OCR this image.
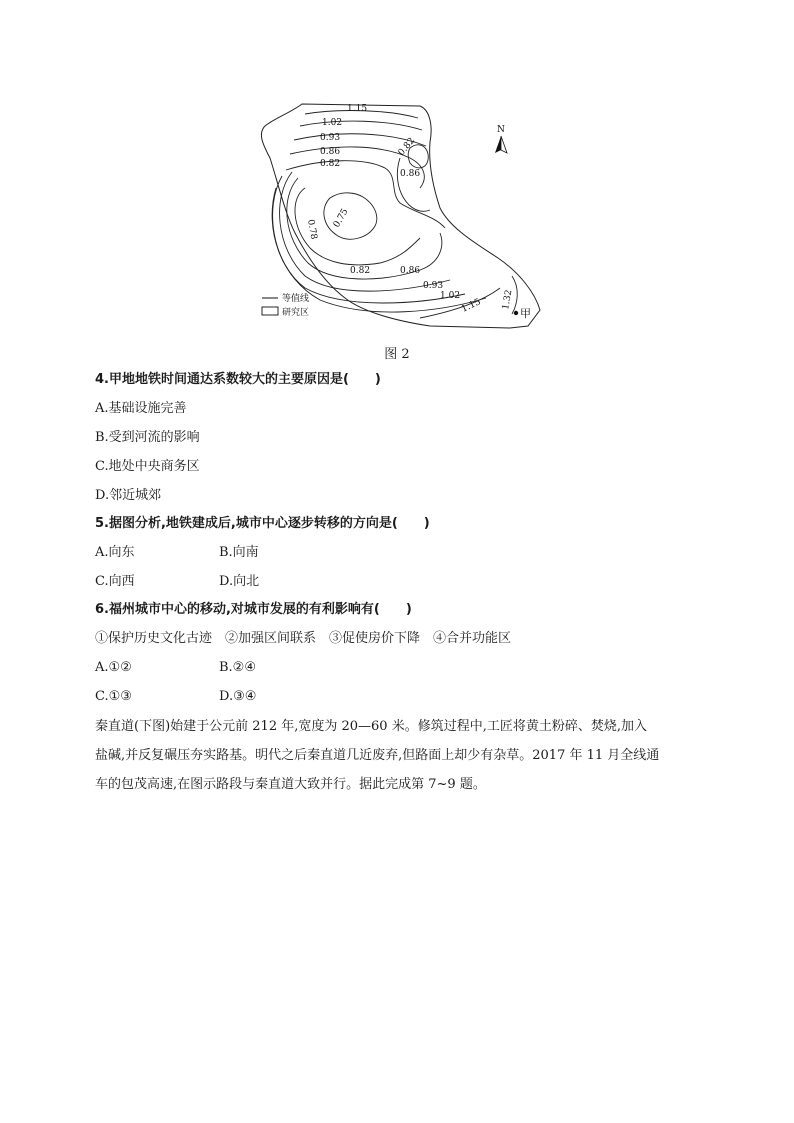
1.15
1.02
0.93
0.86
0.82
0.82
0.86
0.78
0.75
0.82	0.86
0.93
1.02
1.15 1.32
甲
N
等值线
研究区
图 2
4.甲地地铁时间通达系数较大的主要原因是(　　)
A.基础设施完善
B.受到河流的影响
C.地处中央商务区
D.邻近城郊
5.据图分析,地铁建成后,城市中心逐步转移的方向是(　　)
A.向东	B.向南
C.向西	D.向北
6.福州城市中心的移动,对城市发展的有利影响有(　　)
①保护历史文化古迹　②加强区间联系　③促使房价下降　④合并功能区
A.①②	B.②④
C.①③	D.③④

秦直道(下图)始建于公元前 212 年,宽度为 20—60 米。修筑过程中,工匠将黄土粉碎、焚烧,加入

盐碱,并反复碾压夯实路基。明代之后秦直道几近废弃,但路面上却少有杂草。2017 年 11 月全线通

车的包茂高速,在图示路段与秦直道大致并行。据此完成第 7~9 题。
